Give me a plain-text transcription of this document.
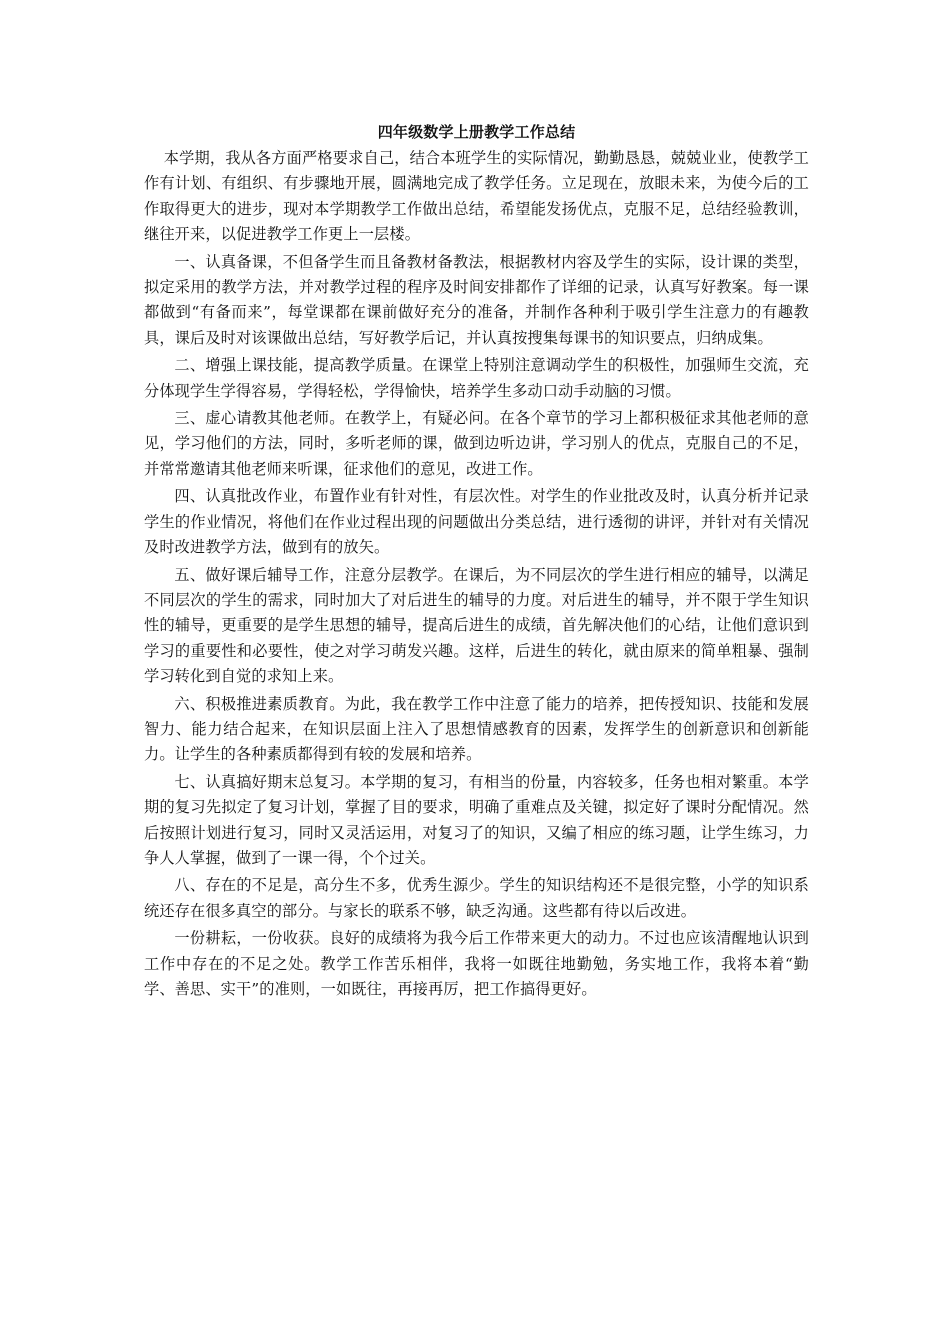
四年级数学上册教学工作总结

本学期，我从各方面严格要求自己，结合本班学生的实际情况，勤勤恳恳，兢兢业业，使教学工作有计划、有组织、有步骤地开展，圆满地完成了教学任务。立足现在，放眼未来，为使今后的工作取得更大的进步，现对本学期教学工作做出总结，希望能发扬优点，克服不足，总结经验教训，继往开来，以促进教学工作更上一层楼。

一、认真备课，不但备学生而且备教材备教法，根据教材内容及学生的实际，设计课的类型，拟定采用的教学方法，并对教学过程的程序及时间安排都作了详细的记录，认真写好教案。每一课都做到“有备而来”，每堂课都在课前做好充分的准备，并制作各种利于吸引学生注意力的有趣教具，课后及时对该课做出总结，写好教学后记，并认真按搜集每课书的知识要点，归纳成集。

二、增强上课技能，提高教学质量。在课堂上特别注意调动学生的积极性，加强师生交流，充分体现学生学得容易，学得轻松，学得愉快，培养学生多动口动手动脑的习惯。

三、虚心请教其他老师。在教学上，有疑必问。在各个章节的学习上都积极征求其他老师的意见，学习他们的方法，同时，多听老师的课，做到边听边讲，学习别人的优点，克服自己的不足，并常常邀请其他老师来听课，征求他们的意见，改进工作。

四、认真批改作业，布置作业有针对性，有层次性。对学生的作业批改及时，认真分析并记录学生的作业情况，将他们在作业过程出现的问题做出分类总结，进行透彻的讲评，并针对有关情况及时改进教学方法，做到有的放矢。

五、做好课后辅导工作，注意分层教学。在课后，为不同层次的学生进行相应的辅导，以满足不同层次的学生的需求，同时加大了对后进生的辅导的力度。对后进生的辅导，并不限于学生知识性的辅导，更重要的是学生思想的辅导，提高后进生的成绩，首先解决他们的心结，让他们意识到学习的重要性和必要性，使之对学习萌发兴趣。这样，后进生的转化，就由原来的简单粗暴、强制学习转化到自觉的求知上来。

六、积极推进素质教育。为此，我在教学工作中注意了能力的培养，把传授知识、技能和发展智力、能力结合起来，在知识层面上注入了思想情感教育的因素，发挥学生的创新意识和创新能力。让学生的各种素质都得到有较的发展和培养。

七、认真搞好期末总复习。本学期的复习，有相当的份量，内容较多，任务也相对繁重。本学期的复习先拟定了复习计划，掌握了目的要求，明确了重难点及关键，拟定好了课时分配情况。然后按照计划进行复习，同时又灵活运用，对复习了的知识，又编了相应的练习题，让学生练习，力争人人掌握，做到了一课一得，个个过关。

八、存在的不足是，高分生不多，优秀生源少。学生的知识结构还不是很完整，小学的知识系统还存在很多真空的部分。与家长的联系不够，缺乏沟通。这些都有待以后改进。

一份耕耘，一份收获。良好的成绩将为我今后工作带来更大的动力。不过也应该清醒地认识到工作中存在的不足之处。教学工作苦乐相伴，我将一如既往地勤勉，务实地工作，我将本着“勤学、善思、实干”的准则，一如既往，再接再厉，把工作搞得更好。
